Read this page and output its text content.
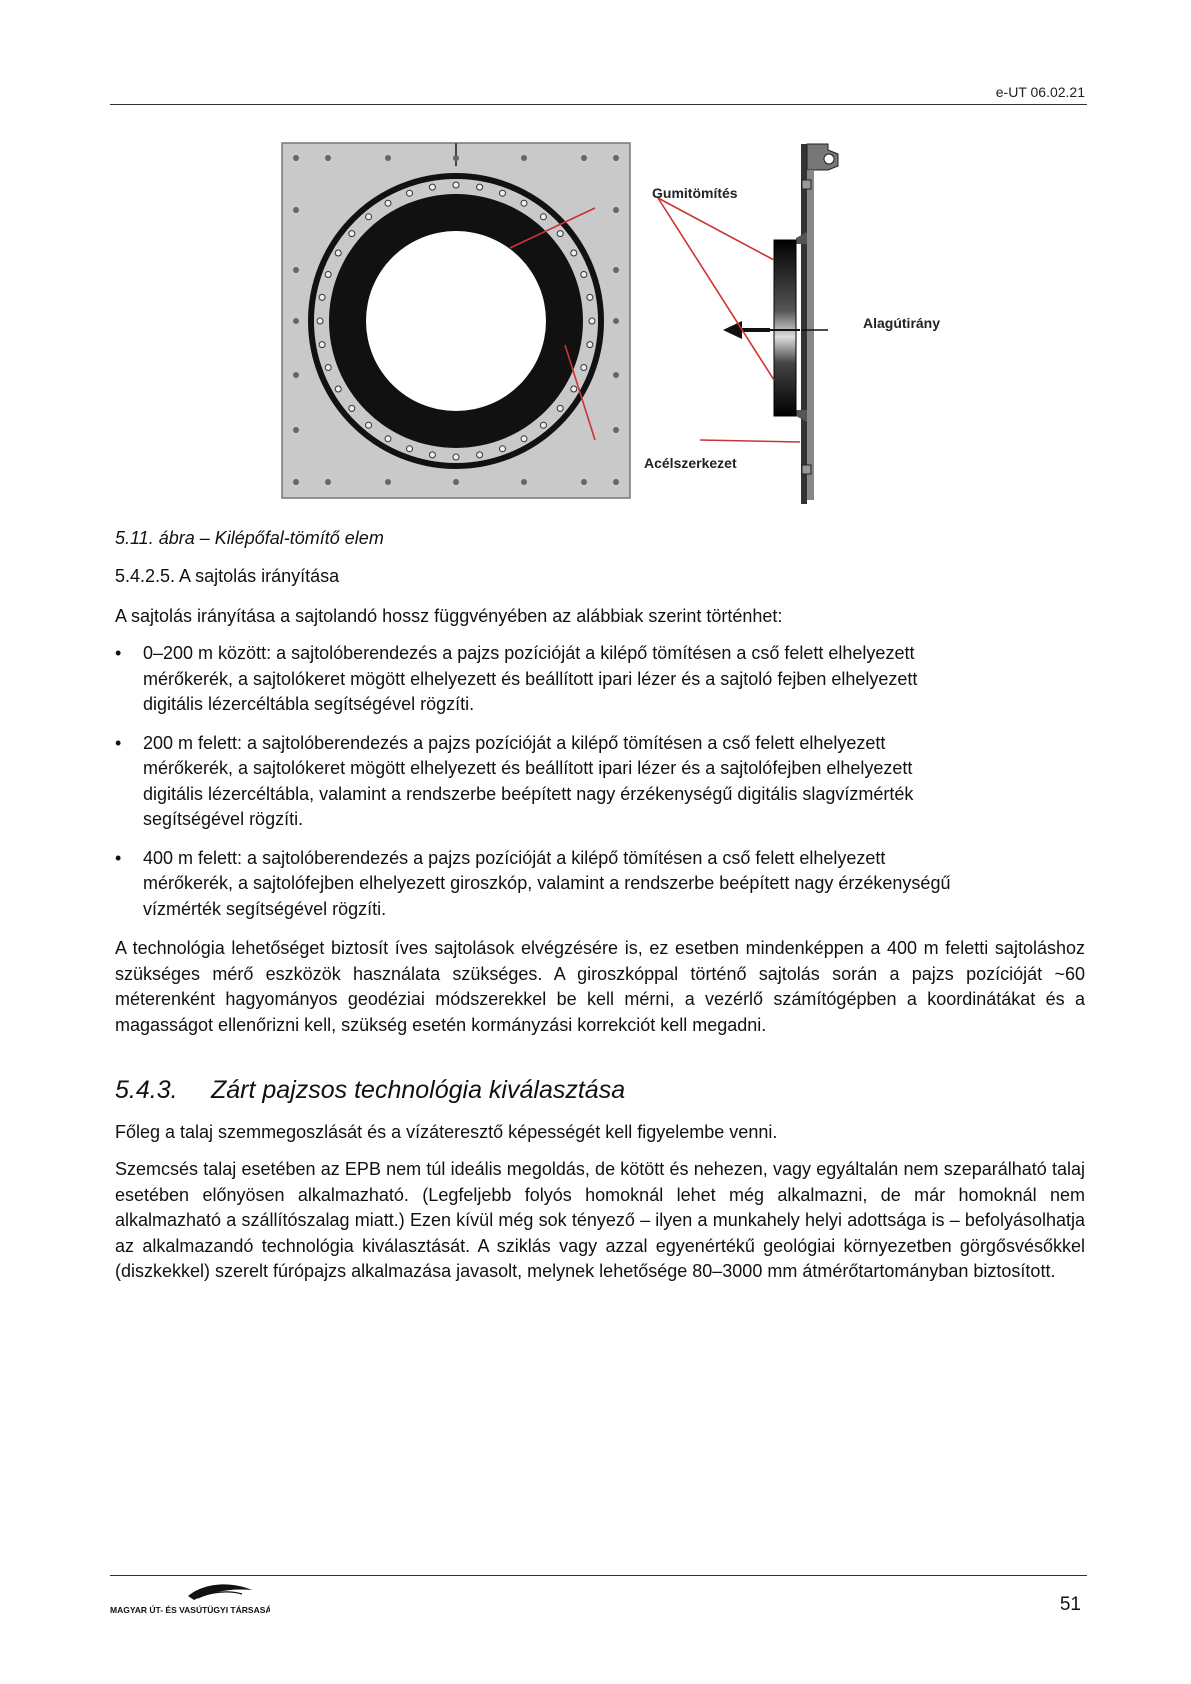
e-UT 06.02.21
Gumitömítés
Alagútirány
Acélszerkezet
5.11. ábra – Kilépőfal-tömítő elem
5.4.2.5. A sajtolás irányítása
A sajtolás irányítása a sajtolandó hossz függvényében az alábbiak szerint történhet:
• 0–200 m között: a sajtolóberendezés a pajzs pozícióját a kilépő tömítésen a cső felett elhelyezett mérőkerék, a sajtolókeret mögött elhelyezett és beállított ipari lézer és a sajtoló fejben elhelyezett digitális lézercéltábla segítségével rögzíti.
• 200 m felett: a sajtolóberendezés a pajzs pozícióját a kilépő tömítésen a cső felett elhelyezett mérőkerék, a sajtolókeret mögött elhelyezett és beállított ipari lézer és a sajtolófejben elhelyezett digitális lézercéltábla, valamint a rendszerbe beépített nagy érzékenységű digitális slagvízmérték segítségével rögzíti.
• 400 m felett: a sajtolóberendezés a pajzs pozícióját a kilépő tömítésen a cső felett elhelyezett mérőkerék, a sajtolófejben elhelyezett giroszkóp, valamint a rendszerbe beépített nagy érzékenységű vízmérték segítségével rögzíti.
A technológia lehetőséget biztosít íves sajtolások elvégzésére is, ez esetben mindenképpen a 400 m feletti sajtoláshoz szükséges mérő eszközök használata szükséges. A giroszkóppal történő sajtolás során a pajzs pozícióját ~60 méterenként hagyományos geodéziai módszerekkel be kell mérni, a vezérlő számítógépben a koordinátákat és a magasságot ellenőrizni kell, szükség esetén kormányzási korrekciót kell megadni.
5.4.3. Zárt pajzsos technológia kiválasztása
Főleg a talaj szemmegoszlását és a vízáteresztő képességét kell figyelembe venni.
Szemcsés talaj esetében az EPB nem túl ideális megoldás, de kötött és nehezen, vagy egyáltalán nem szeparálható talaj esetében előnyösen alkalmazható. (Legfeljebb folyós homoknál lehet még alkalmazni, de már homoknál nem alkalmazható a szállítószalag miatt.) Ezen kívül még sok tényező – ilyen a munkahely helyi adottsága is – befolyásolhatja az alkalmazandó technológia kiválasztását. A sziklás vagy azzal egyenértékű geológiai környezetben görgősvésőkkel (diszkekkel) szerelt fúrópajzs alkalmazása javasolt, melynek lehetősége 80–3000 mm átmérőtartományban biztosított.
MAGYAR ÚT- ÉS VASÚTÜGYI TÁRSASÁG	51
